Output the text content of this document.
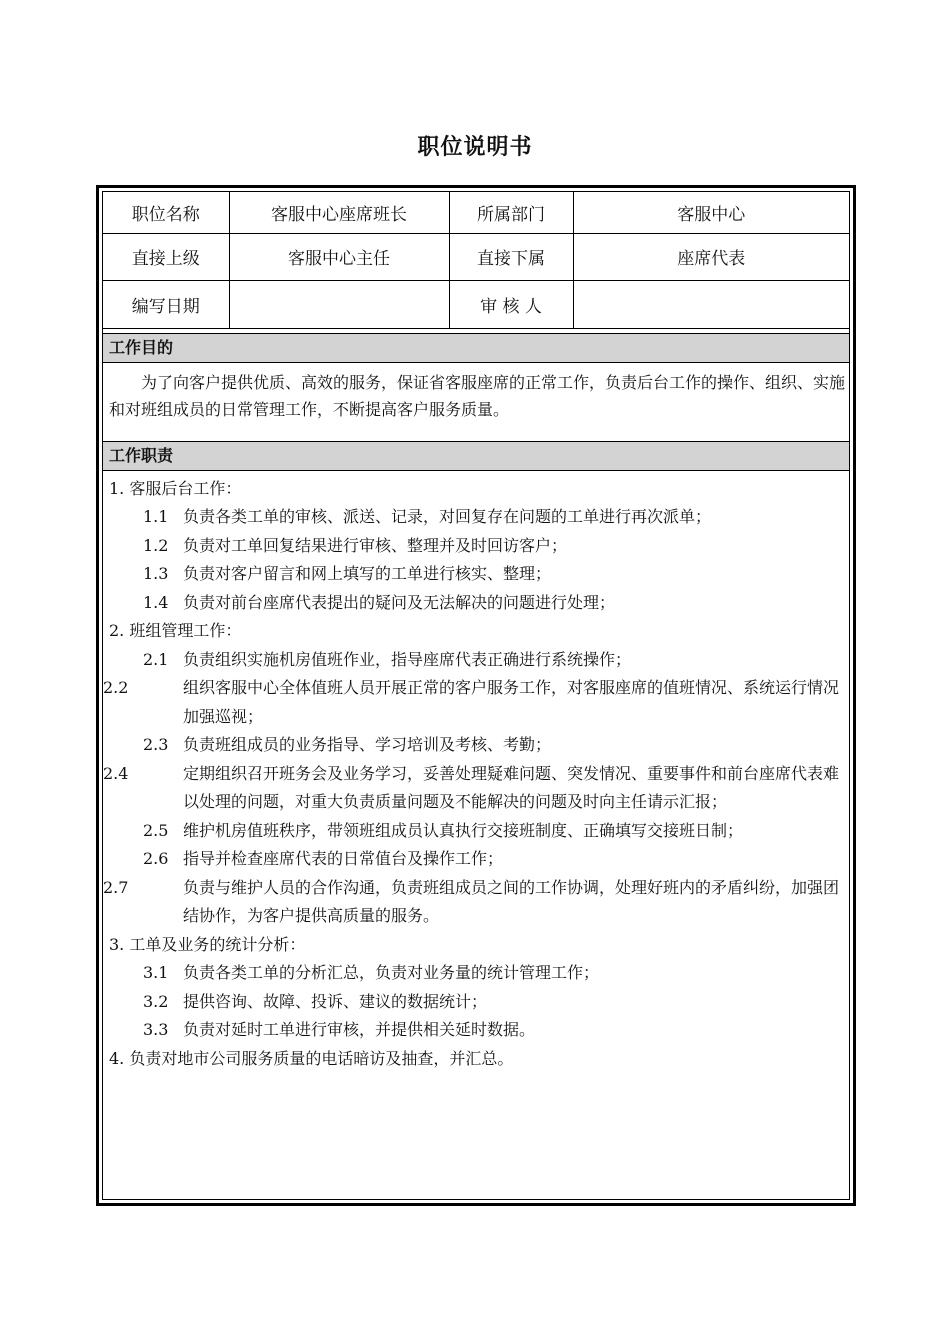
职位说明书
职位名称	客服中心座席班长	所属部门	客服中心
直接上级	客服中心主任	直接下属	座席代表
编写日期		审 核 人	
工作目的
为了向客户提供优质、高效的服务，保证省客服座席的正常工作，负责后台工作的操作、组织、实施和对班组成员的日常管理工作，不断提高客户服务质量。
工作职责
1. 客服后台工作：
1.1 负责各类工单的审核、派送、记录，对回复存在问题的工单进行再次派单；
1.2 负责对工单回复结果进行审核、整理并及时回访客户；
1.3 负责对客户留言和网上填写的工单进行核实、整理；
1.4 负责对前台座席代表提出的疑问及无法解决的问题进行处理；
2. 班组管理工作：
2.1 负责组织实施机房值班作业，指导座席代表正确进行系统操作；
2.2	组织客服中心全体值班人员开展正常的客户服务工作，对客服座席的值班情况、系统运行情况加强巡视；
2.3 负责班组成员的业务指导、学习培训及考核、考勤；
2.4	定期组织召开班务会及业务学习，妥善处理疑难问题、突发情况、重要事件和前台座席代表难以处理的问题，对重大负责质量问题及不能解决的问题及时向主任请示汇报；
2.5 维护机房值班秩序，带领班组成员认真执行交接班制度、正确填写交接班日制；
2.6 指导并检查座席代表的日常值台及操作工作；
2.7	负责与维护人员的合作沟通，负责班组成员之间的工作协调，处理好班内的矛盾纠纷，加强团结协作，为客户提供高质量的服务。
3. 工单及业务的统计分析：
3.1 负责各类工单的分析汇总，负责对业务量的统计管理工作；
3.2 提供咨询、故障、投诉、建议的数据统计；
3.3 负责对延时工单进行审核，并提供相关延时数据。
4. 负责对地市公司服务质量的电话暗访及抽查，并汇总。
